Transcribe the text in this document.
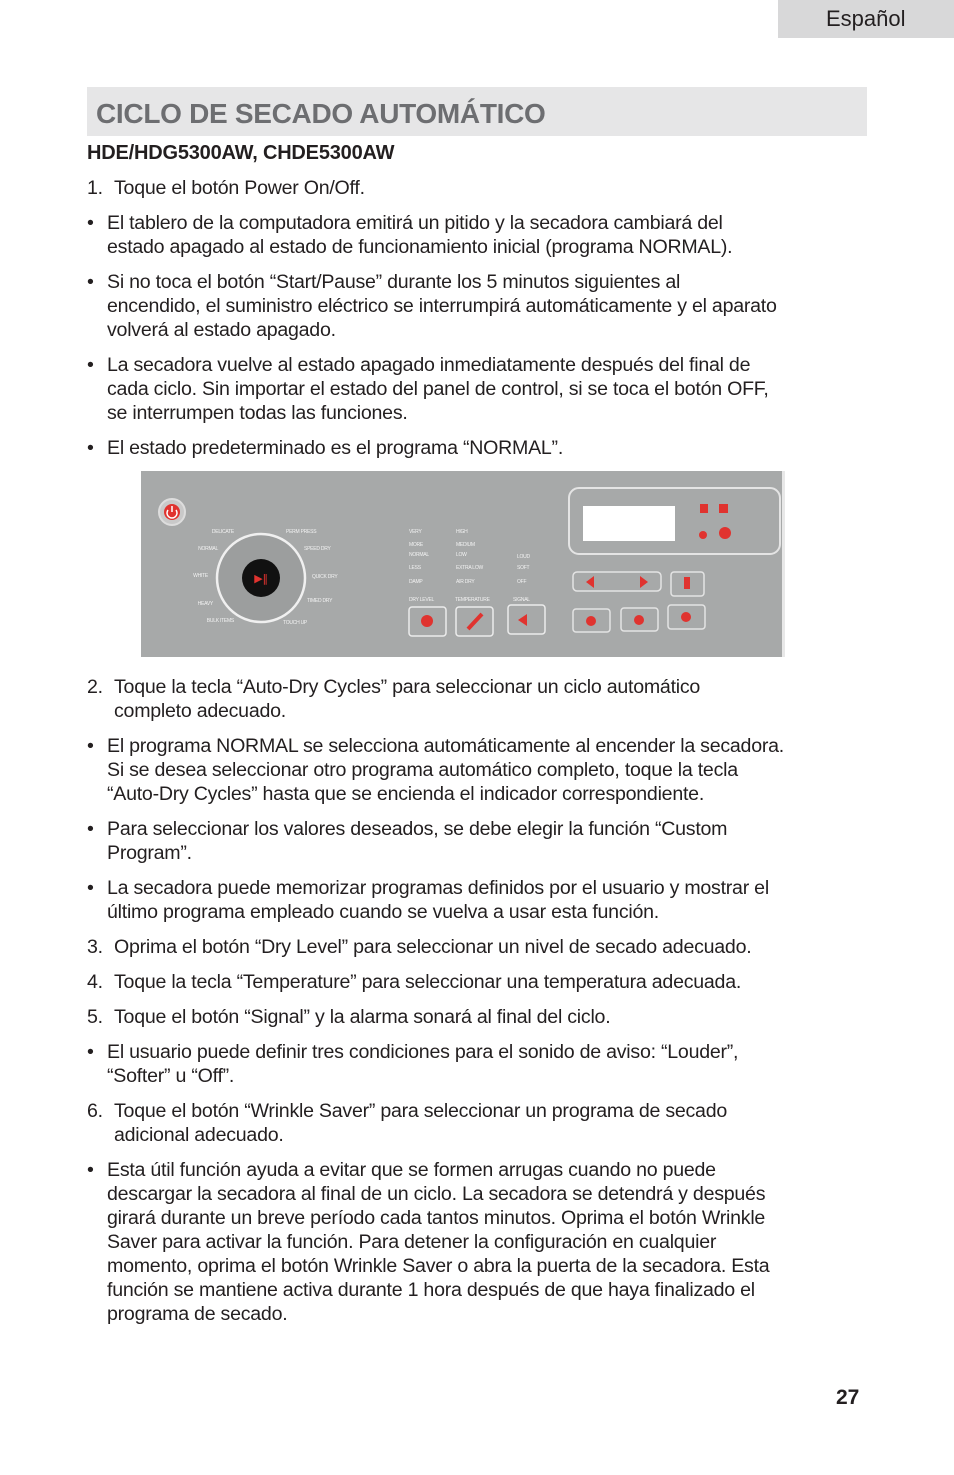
Español
CICLO DE SECADO AUTOMÁTICO
HDE/HDG5300AW, CHDE5300AW
1. Toque el botón Power On/Off.
• El tablero de la computadora emitirá un pitido y la secadora cambiará del
estado apagado al estado de funcionamiento inicial (programa NORMAL).
• Si no toca el botón “Start/Pause” durante los 5 minutos siguientes al
encendido, el suministro eléctrico se interrumpirá automáticamente y el aparato
volverá al estado apagado.
• La secadora vuelve al estado apagado inmediatamente después del final de
cada ciclo. Sin importar el estado del panel de control, si se toca el botón OFF,
se interrumpen todas las funciones.
• El estado predeterminado es el programa “NORMAL”.
▶‖
DELICATE
NORMAL
WHITE
HEAVY
BULK ITEMS
PERM PRESS
SPEED DRY
QUICK DRY
TIMED DRY
TOUCH UP
VERY
MORE
NORMAL
LESS
DAMP
HIGH
MEDIUM
LOW
EXTRA LOW
AIR DRY
LOUD
SOFT
OFF
DRY LEVEL	TEMPERATURE	SIGNAL
2. Toque la tecla “Auto-Dry Cycles” para seleccionar un ciclo automático
completo adecuado.
• El programa NORMAL se selecciona automáticamente al encender la secadora.
Si se desea seleccionar otro programa automático completo, toque la tecla
“Auto-Dry Cycles” hasta que se encienda el indicador correspondiente.
• Para seleccionar los valores deseados, se debe elegir la función “Custom
Program”.
• La secadora puede memorizar programas definidos por el usuario y mostrar el
último programa empleado cuando se vuelva a usar esta función.
3. Oprima el botón “Dry Level” para seleccionar un nivel de secado adecuado.
4. Toque la tecla “Temperature” para seleccionar una temperatura adecuada.
5. Toque el botón “Signal” y la alarma sonará al final del ciclo.
• El usuario puede definir tres condiciones para el sonido de aviso: “Louder”,
“Softer” u “Off”.
6. Toque el botón “Wrinkle Saver” para seleccionar un programa de secado
adicional adecuado.
• Esta útil función ayuda a evitar que se formen arrugas cuando no puede
descargar la secadora al final de un ciclo. La secadora se detendrá y después
girará durante un breve período cada tantos minutos. Oprima el botón Wrinkle
Saver para activar la función. Para detener la configuración en cualquier
momento, oprima el botón Wrinkle Saver o abra la puerta de la secadora. Esta
función se mantiene activa durante 1 hora después de que haya finalizado el
programa de secado.
27
